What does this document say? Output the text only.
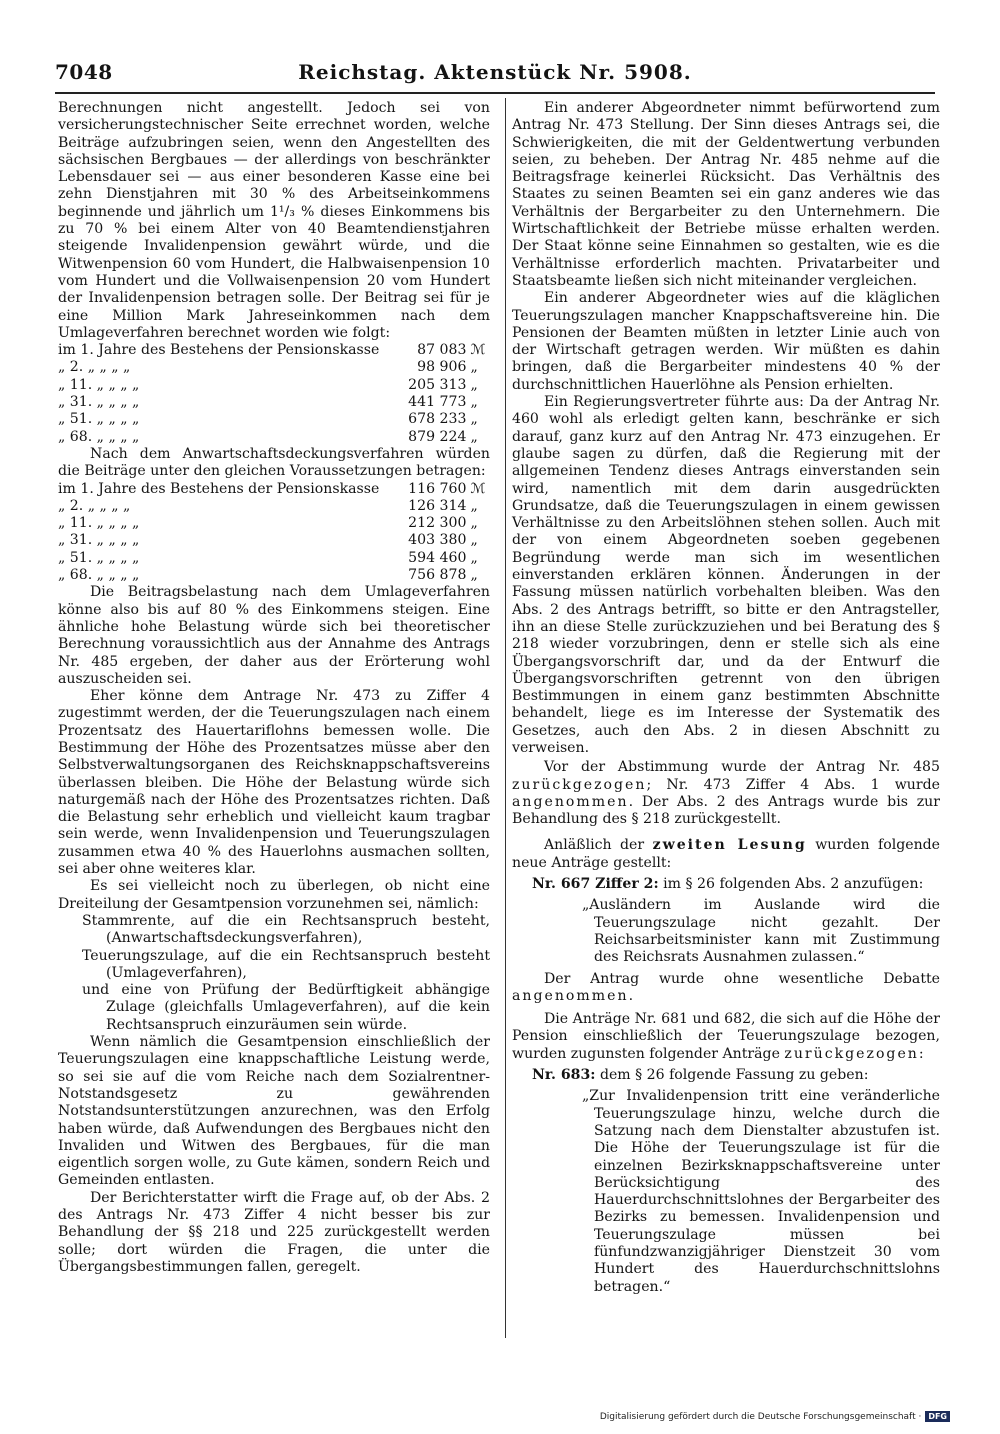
7048	Reichstag. Aktenstück Nr. 5908.

Berechnungen nicht angestellt. Jedoch sei von versicherungstechnischer Seite errechnet worden, welche Beiträge aufzubringen seien, wenn den Angestellten des sächsischen Bergbaues — der allerdings von beschränkter Lebensdauer sei — aus einer besonderen Kasse eine bei zehn Dienstjahren mit 30 % des Arbeitseinkommens beginnende und jährlich um 1¹/₃ % dieses Einkommens bis zu 70 % bei einem Alter von 40 Beamtendienstjahren steigende Invalidenpension gewährt würde, und die Witwenpension 60 vom Hundert, die Halbwaisenpension 10 vom Hundert und die Vollwaisenpension 20 vom Hundert der Invalidenpension betragen solle. Der Beitrag sei für je eine Million Mark Jahreseinkommen nach dem Umlageverfahren berechnet worden wie folgt:

im 1. Jahre des Bestehens der Pensionskasse	87 083	ℳ
„ 2. „ „ „ „	98 906	„
„ 11. „ „ „ „	205 313	„
„ 31. „ „ „ „	441 773	„
„ 51. „ „ „ „	678 233	„
„ 68. „ „ „ „	879 224	„

Nach dem Anwartschaftsdeckungsverfahren würden die Beiträge unter den gleichen Voraussetzungen betragen:

im 1. Jahre des Bestehens der Pensionskasse	116 760	ℳ
„ 2. „ „ „ „	126 314	„
„ 11. „ „ „ „	212 300	„
„ 31. „ „ „ „	403 380	„
„ 51. „ „ „ „	594 460	„
„ 68. „ „ „ „	756 878	„

Die Beitragsbelastung nach dem Umlageverfahren könne also bis auf 80 % des Einkommens steigen. Eine ähnliche hohe Belastung würde sich bei theoretischer Berechnung voraussichtlich aus der Annahme des Antrags Nr. 485 ergeben, der daher aus der Erörterung wohl auszuscheiden sei.

Eher könne dem Antrage Nr. 473 zu Ziffer 4 zugestimmt werden, der die Teuerungszulagen nach einem Prozentsatz des Hauertariflohns bemessen wolle. Die Bestimmung der Höhe des Prozentsatzes müsse aber den Selbstverwaltungsorganen des Reichsknappschaftsvereins überlassen bleiben. Die Höhe der Belastung würde sich naturgemäß nach der Höhe des Prozentsatzes richten. Daß die Belastung sehr erheblich und vielleicht kaum tragbar sein werde, wenn Invalidenpension und Teuerungszulagen zusammen etwa 40 % des Hauerlohns ausmachen sollten, sei aber ohne weiteres klar.

Es sei vielleicht noch zu überlegen, ob nicht eine Dreiteilung der Gesamtpension vorzunehmen sei, nämlich:

Stammrente, auf die ein Rechtsanspruch besteht, (Anwartschaftsdeckungsverfahren),

Teuerungszulage, auf die ein Rechtsanspruch besteht (Umlageverfahren),

und eine von Prüfung der Bedürftigkeit abhängige Zulage (gleichfalls Umlageverfahren), auf die kein Rechtsanspruch einzuräumen sein würde.

Wenn nämlich die Gesamtpension einschließlich der Teuerungszulagen eine knappschaftliche Leistung werde, so sei sie auf die vom Reiche nach dem Sozialrentner-Notstandsgesetz zu gewährenden Notstandsunterstützungen anzurechnen, was den Erfolg haben würde, daß Aufwendungen des Bergbaues nicht den Invaliden und Witwen des Bergbaues, für die man eigentlich sorgen wolle, zu Gute kämen, sondern Reich und Gemeinden entlasten.

Der Berichterstatter wirft die Frage auf, ob der Abs. 2 des Antrags Nr. 473 Ziffer 4 nicht besser bis zur Behandlung der §§ 218 und 225 zurückgestellt werden solle; dort würden die Fragen, die unter die Übergangsbestimmungen fallen, geregelt.

Ein anderer Abgeordneter nimmt befürwortend zum Antrag Nr. 473 Stellung. Der Sinn dieses Antrags sei, die Schwierigkeiten, die mit der Geldentwertung verbunden seien, zu beheben. Der Antrag Nr. 485 nehme auf die Beitragsfrage keinerlei Rücksicht. Das Verhältnis des Staates zu seinen Beamten sei ein ganz anderes wie das Verhältnis der Bergarbeiter zu den Unternehmern. Die Wirtschaftlichkeit der Betriebe müsse erhalten werden. Der Staat könne seine Einnahmen so gestalten, wie es die Verhältnisse erforderlich machten. Privatarbeiter und Staatsbeamte ließen sich nicht miteinander vergleichen.

Ein anderer Abgeordneter wies auf die kläglichen Teuerungszulagen mancher Knappschaftsvereine hin. Die Pensionen der Beamten müßten in letzter Linie auch von der Wirtschaft getragen werden. Wir müßten es dahin bringen, daß die Bergarbeiter mindestens 40 % der durchschnittlichen Hauerlöhne als Pension erhielten.

Ein Regierungsvertreter führte aus: Da der Antrag Nr. 460 wohl als erledigt gelten kann, beschränke er sich darauf, ganz kurz auf den Antrag Nr. 473 einzugehen. Er glaube sagen zu dürfen, daß die Regierung mit der allgemeinen Tendenz dieses Antrags einverstanden sein wird, namentlich mit dem darin ausgedrückten Grundsatze, daß die Teuerungszulagen in einem gewissen Verhältnisse zu den Arbeitslöhnen stehen sollen. Auch mit der von einem Abgeordneten soeben gegebenen Begründung werde man sich im wesentlichen einverstanden erklären können. Änderungen in der Fassung müssen natürlich vorbehalten bleiben. Was den Abs. 2 des Antrags betrifft, so bitte er den Antragsteller, ihn an diese Stelle zurückzuziehen und bei Beratung des § 218 wieder vorzubringen, denn er stelle sich als eine Übergangsvorschrift dar, und da der Entwurf die Übergangsvorschriften getrennt von den übrigen Bestimmungen in einem ganz bestimmten Abschnitte behandelt, liege es im Interesse der Systematik des Gesetzes, auch den Abs. 2 in diesen Abschnitt zu verweisen.

Vor der Abstimmung wurde der Antrag Nr. 485 zurückgezogen; Nr. 473 Ziffer 4 Abs. 1 wurde angenommen. Der Abs. 2 des Antrags wurde bis zur Behandlung des § 218 zurückgestellt.

Anläßlich der zweiten Lesung wurden folgende neue Anträge gestellt:

Nr. 667 Ziffer 2: im § 26 folgenden Abs. 2 anzufügen:

„Ausländern im Auslande wird die Teuerungszulage nicht gezahlt. Der Reichsarbeitsminister kann mit Zustimmung des Reichsrats Ausnahmen zulassen.“

Der Antrag wurde ohne wesentliche Debatte angenommen.

Die Anträge Nr. 681 und 682, die sich auf die Höhe der Pension einschließlich der Teuerungszulage bezogen, wurden zugunsten folgender Anträge zurückgezogen:

Nr. 683: dem § 26 folgende Fassung zu geben:

„Zur Invalidenpension tritt eine veränderliche Teuerungszulage hinzu, welche durch die Satzung nach dem Dienstalter abzustufen ist. Die Höhe der Teuerungszulage ist für die einzelnen Bezirksknappschaftsvereine unter Berücksichtigung des Hauerdurchschnittslohnes der Bergarbeiter des Bezirks zu bemessen. Invalidenpension und Teuerungszulage müssen bei fünfundzwanzigjähriger Dienstzeit 30 vom Hundert des Hauerdurchschnittslohns betragen.“

Digitalisierung gefördert durch die Deutsche Forschungsgemeinschaft · DFG
